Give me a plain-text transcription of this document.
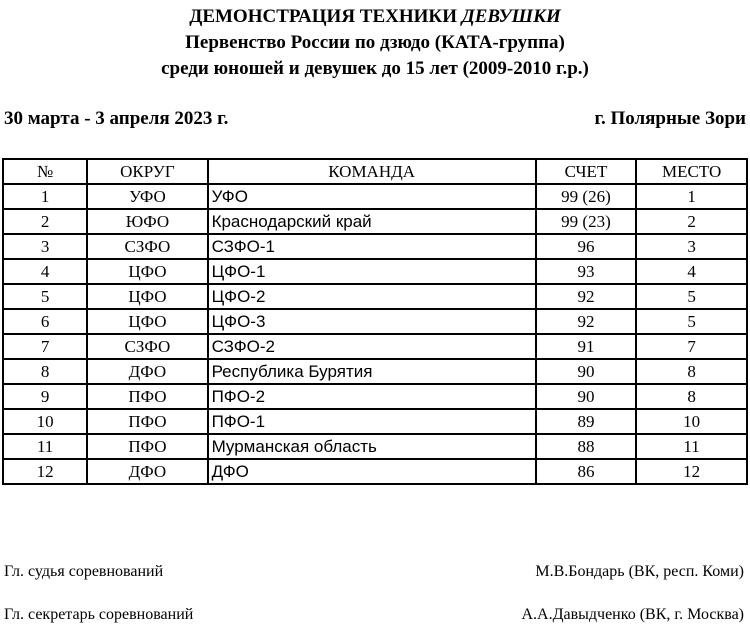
ДЕМОНСТРАЦИЯ ТЕХНИКИ ДЕВУШКИ
Первенство России по дзюдо (КАТА-группа)
среди юношей и девушек до 15 лет (2009-2010 г.р.)
30 марта - 3 апреля 2023 г.	г. Полярные Зори
№	ОКРУГ	КОМАНДА	СЧЕТ	МЕСТО
1	УФО	УФО	99 (26)	1
2	ЮФО	Краснодарский край	99 (23)	2
3	СЗФО	СЗФО-1	96	3
4	ЦФО	ЦФО-1	93	4
5	ЦФО	ЦФО-2	92	5
6	ЦФО	ЦФО-3	92	5
7	СЗФО	СЗФО-2	91	7
8	ДФО	Республика Бурятия	90	8
9	ПФО	ПФО-2	90	8
10	ПФО	ПФО-1	89	10
11	ПФО	Мурманская область	88	11
12	ДФО	ДФО	86	12
Гл. судья соревнований	М.В.Бондарь (ВК, респ. Коми)
Гл. секретарь соревнований	А.А.Давыдченко (ВК, г. Москва)
